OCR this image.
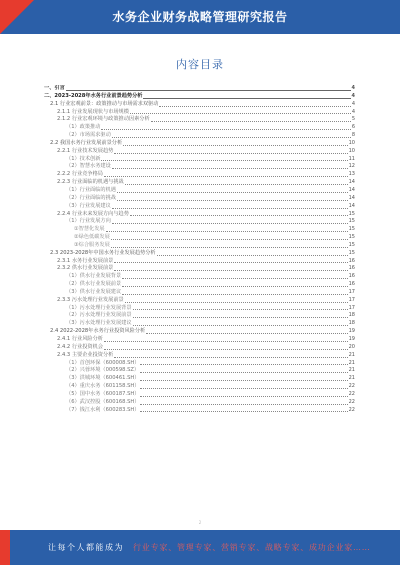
水务企业财务战略管理研究报告
内容目录
一、引言	4
二、2023-2028年水务行业前景趋势分析	4
2.1 行业宏观前景：政策推动与市场需求双驱动	4
2.1.1 行业发展现状与市场规模	4
2.1.2 行业宏观环境与政策推动因素分析	5
（1）政策推动	6
（2）市场需求驱动	8
2.2 我国水务行业发展前景分析	10
2.2.1 行业技术发展趋势	10
（1）技术创新	11
（2）智慧水务建设	12
2.2.2 行业竞争格局	13
2.2.3 行业面临的机遇与挑战	14
（1）行业面临的机遇	14
（2）行业面临的挑战	14
（3）行业发展建议	14
2.2.4 行业未来发展方向与趋势	15
（1）行业发展方向	15
①智慧化发展	15
②绿色低碳发展	15
③综合服务发展	15
2.3 2023-2028年中国水务行业发展趋势分析	15
2.3.1 水务行业发展前景	16
2.3.2 供水行业发展前景	16
（1）供水行业发展背景	16
（2）供水行业发展前景	16
（3）供水行业发展建议	17
2.3.3 污水处理行业发展前景	17
（1）污水处理行业发展背景	17
（2）污水处理行业发展前景	18
（3）污水处理行业发展建议	18
2.4 2022-2028年水务行业投资风险分析	19
2.4.1 行业风险分析	19
2.4.2 行业投资机会	20
2.4.3 主要企业投资分析	21
（1）首创环保（600008.SH）	21
（2）兴蓉环境（000598.SZ）	21
（3）洪城环境（600461.SH）	21
（4）重庆水务（601158.SH）	22
（5）国中水务（600187.SH）	22
（6）武汉控股（600168.SH）	22
（7）钱江水利（600283.SH）	22
2
让每个人都能成为 行业专家、管理专家、营销专家、战略专家、成功企业家……
